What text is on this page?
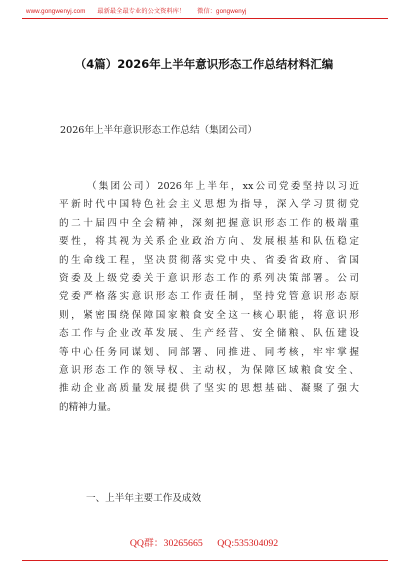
www.gongwenyj.com 最新最全最专业的公文资料库！ 微信：gongwenyj
（4篇）2026年上半年意识形态工作总结材料汇编
2026年上半年意识形态工作总结（集团公司）
（集团公司）2026年上半年，xx公司党委坚持以习近
平新时代中国特色社会主义思想为指导，深入学习贯彻党
的二十届四中全会精神，深刻把握意识形态工作的极端重
要性，将其视为关系企业政治方向、发展根基和队伍稳定
的生命线工程，坚决贯彻落实党中央、省委省政府、省国
资委及上级党委关于意识形态工作的系列决策部署。公司
党委严格落实意识形态工作责任制，坚持党管意识形态原
则，紧密围绕保障国家粮食安全这一核心职能，将意识形
态工作与企业改革发展、生产经营、安全储粮、队伍建设
等中心任务同谋划、同部署、同推进、同考核，牢牢掌握
意识形态工作的领导权、主动权，为保障区域粮食安全、
推动企业高质量发展提供了坚实的思想基础、凝聚了强大
的精神力量。
一、上半年主要工作及成效
QQ群：30265665 QQ:535304092
